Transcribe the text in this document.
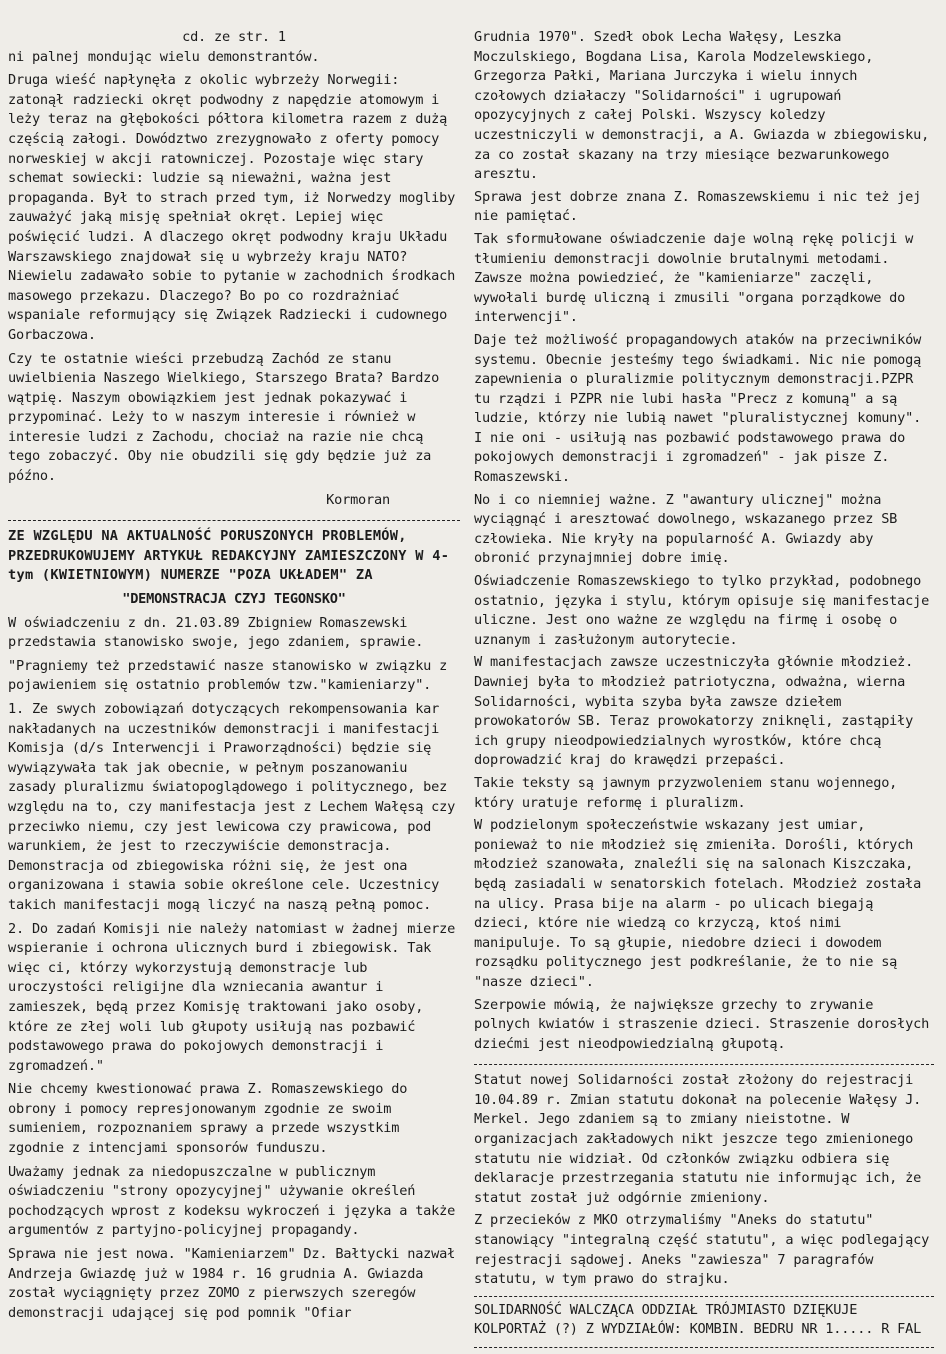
cd. ze str. 1

ni palnej mondując wielu demonstrantów.

Druga wieść napłynęła z okolic wybrzeży Norwegii: zatonął radziecki okręt podwodny z napędzie atomowym i leży teraz na głębokości półtora kilometra razem z dużą częścią załogi. Dowództwo zrezygnowało z oferty pomocy norweskiej w akcji ratowniczej. Pozostaje więc stary schemat sowiecki: ludzie są nieważni, ważna jest propaganda. Był to strach przed tym, iż Norwedzy mogliby zauważyć jaką misję spełniał okręt. Lepiej więc poświęcić ludzi. A dlaczego okręt podwodny kraju Układu Warszawskiego znajdował się u wybrzeży kraju NATO? Niewielu zadawało sobie to pytanie w zachodnich środkach masowego przekazu. Dlaczego? Bo po co rozdrażniać wspaniale reformujący się Związek Radziecki i cudownego Gorbaczowa.

Czy te ostatnie wieści przebudzą Zachód ze stanu uwielbienia Naszego Wielkiego, Starszego Brata? Bardzo wątpię. Naszym obowiązkiem jest jednak pokazywać i przypominać. Leży to w naszym interesie i również w interesie ludzi z Zachodu, chociaż na razie nie chcą tego zobaczyć. Oby nie obudzili się gdy będzie już za późno.

Kormoran

ZE WZGLĘDU NA AKTUALNOŚĆ PORUSZONYCH PROBLEMÓW, PRZEDRUKOWUJEMY ARTYKUŁ REDAKCYJNY ZAMIESZCZONY W 4-tym (KWIETNIOWYM) NUMERZE "POZA UKŁADEM" ZA

"DEMONSTRACJA CZYJ TEGONSKO"

W oświadczeniu z dn. 21.03.89 Zbigniew Romaszewski przedstawia stanowisko swoje, jego zdaniem, sprawie.

"Pragniemy też przedstawić nasze stanowisko w związku z pojawieniem się ostatnio problemów tzw."kamieniarzy".

1. Ze swych zobowiązań dotyczących rekompensowania kar nakładanych na uczestników demonstracji i manifestacji Komisja (d/s Interwencji i Praworządności) będzie się wywiązywała tak jak obecnie, w pełnym poszanowaniu zasady pluralizmu światopoglądowego i politycznego, bez względu na to, czy manifestacja jest z Lechem Wałęsą czy przeciwko niemu, czy jest lewicowa czy prawicowa, pod warunkiem, że jest to rzeczywiście demonstracja. Demonstracja od zbiegowiska różni się, że jest ona organizowana i stawia sobie określone cele. Uczestnicy takich manifestacji mogą liczyć na naszą pełną pomoc.

2. Do zadań Komisji nie należy natomiast w żadnej mierze wspieranie i ochrona ulicznych burd i zbiegowisk. Tak więc ci, którzy wykorzystują demonstracje lub uroczystości religijne dla wzniecania awantur i zamieszek, będą przez Komisję traktowani jako osoby, które ze złej woli lub głupoty usiłują nas pozbawić podstawowego prawa do pokojowych demonstracji i zgromadzeń."

Nie chcemy kwestionować prawa Z. Romaszewskiego do obrony i pomocy represjonowanym zgodnie ze swoim sumieniem, rozpoznaniem sprawy a przede wszystkim zgodnie z intencjami sponsorów funduszu.

Uważamy jednak za niedopuszczalne w publicznym oświadczeniu "strony opozycyjnej" używanie określeń pochodzących wprost z kodeksu wykroczeń i języka a także argumentów z partyjno-policyjnej propagandy.

Sprawa nie jest nowa. "Kamieniarzem" Dz. Bałtycki nazwał Andrzeja Gwiazdę już w 1984 r. 16 grudnia A. Gwiazda został wyciągnięty przez ZOMO z pierwszych szeregów demonstracji udającej się pod pomnik "Ofiar

Grudnia 1970". Szedł obok Lecha Wałęsy, Leszka Moczulskiego, Bogdana Lisa, Karola Modzelewskiego, Grzegorza Pałki, Mariana Jurczyka i wielu innych czołowych działaczy "Solidarności" i ugrupowań opozycyjnych z całej Polski. Wszyscy koledzy uczestniczyli w demonstracji, a A. Gwiazda w zbiegowisku, za co został skazany na trzy miesiące bezwarunkowego aresztu.

Sprawa jest dobrze znana Z. Romaszewskiemu i nic też jej nie pamiętać.

Tak sformułowane oświadczenie daje wolną rękę policji w tłumieniu demonstracji dowolnie brutalnymi metodami. Zawsze można powiedzieć, że "kamieniarze" zaczęli, wywołali burdę uliczną i zmusili "organa porządkowe do interwencji".

Daje też możliwość propagandowych ataków na przeciwników systemu. Obecnie jesteśmy tego świadkami. Nic nie pomogą zapewnienia o pluralizmie politycznym demonstracji.PZPR tu rządzi i PZPR nie lubi hasła "Precz z komuną" a są ludzie, którzy nie lubią nawet "pluralistycznej komuny". I nie oni - usiłują nas pozbawić podstawowego prawa do pokojowych demonstracji i zgromadzeń" - jak pisze Z. Romaszewski.

No i co niemniej ważne. Z "awantury ulicznej" można wyciągnąć i aresztować dowolnego, wskazanego przez SB człowieka. Nie kryły na popularność A. Gwiazdy aby obronić przynajmniej dobre imię.

Oświadczenie Romaszewskiego to tylko przykład, podobnego ostatnio, języka i stylu, którym opisuje się manifestacje uliczne. Jest ono ważne ze względu na firmę i osobę o uznanym i zasłużonym autorytecie.

W manifestacjach zawsze uczestniczyła głównie młodzież. Dawniej była to młodzież patriotyczna, odważna, wierna Solidarności, wybita szyba była zawsze dziełem prowokatorów SB. Teraz prowokatorzy zniknęli, zastąpiły ich grupy nieodpowiedzialnych wyrostków, które chcą doprowadzić kraj do krawędzi przepaści.

Takie teksty są jawnym przyzwoleniem stanu wojennego, który uratuje reformę i pluralizm.

W podzielonym społeczeństwie wskazany jest umiar, ponieważ to nie młodzież się zmieniła. Dorośli, których młodzież szanowała, znaleźli się na salonach Kiszczaka, będą zasiadali w senatorskich fotelach. Młodzież została na ulicy. Prasa bije na alarm - po ulicach biegają dzieci, które nie wiedzą co krzyczą, ktoś nimi manipuluje. To są głupie, niedobre dzieci i dowodem rozsądku politycznego jest podkreślanie, że to nie są "nasze dzieci".

Szerpowie mówią, że największe grzechy to zrywanie polnych kwiatów i straszenie dzieci. Straszenie dorosłych dziećmi jest nieodpowiedzialną głupotą.

Statut nowej Solidarności został złożony do rejestracji 10.04.89 r. Zmian statutu dokonał na polecenie Wałęsy J. Merkel. Jego zdaniem są to zmiany nieistotne. W organizacjach zakładowych nikt jeszcze tego zmienionego statutu nie widział. Od członków związku odbiera się deklaracje przestrzegania statutu nie informując ich, że statut został już odgórnie zmieniony.

Z przecieków z MKO otrzymaliśmy "Aneks do statutu" stanowiący "integralną część statutu", a więc podlegający rejestracji sądowej. Aneks "zawiesza" 7 paragrafów statutu, w tym prawo do strajku.

SOLIDARNOŚĆ WALCZĄCA ODDZIAŁ TRÓJMIASTO DZIĘKUJE KOLPORTAŻ (?) Z WYDZIAŁÓW: KOMBIN. BEDRU NR 1..... R FAL
